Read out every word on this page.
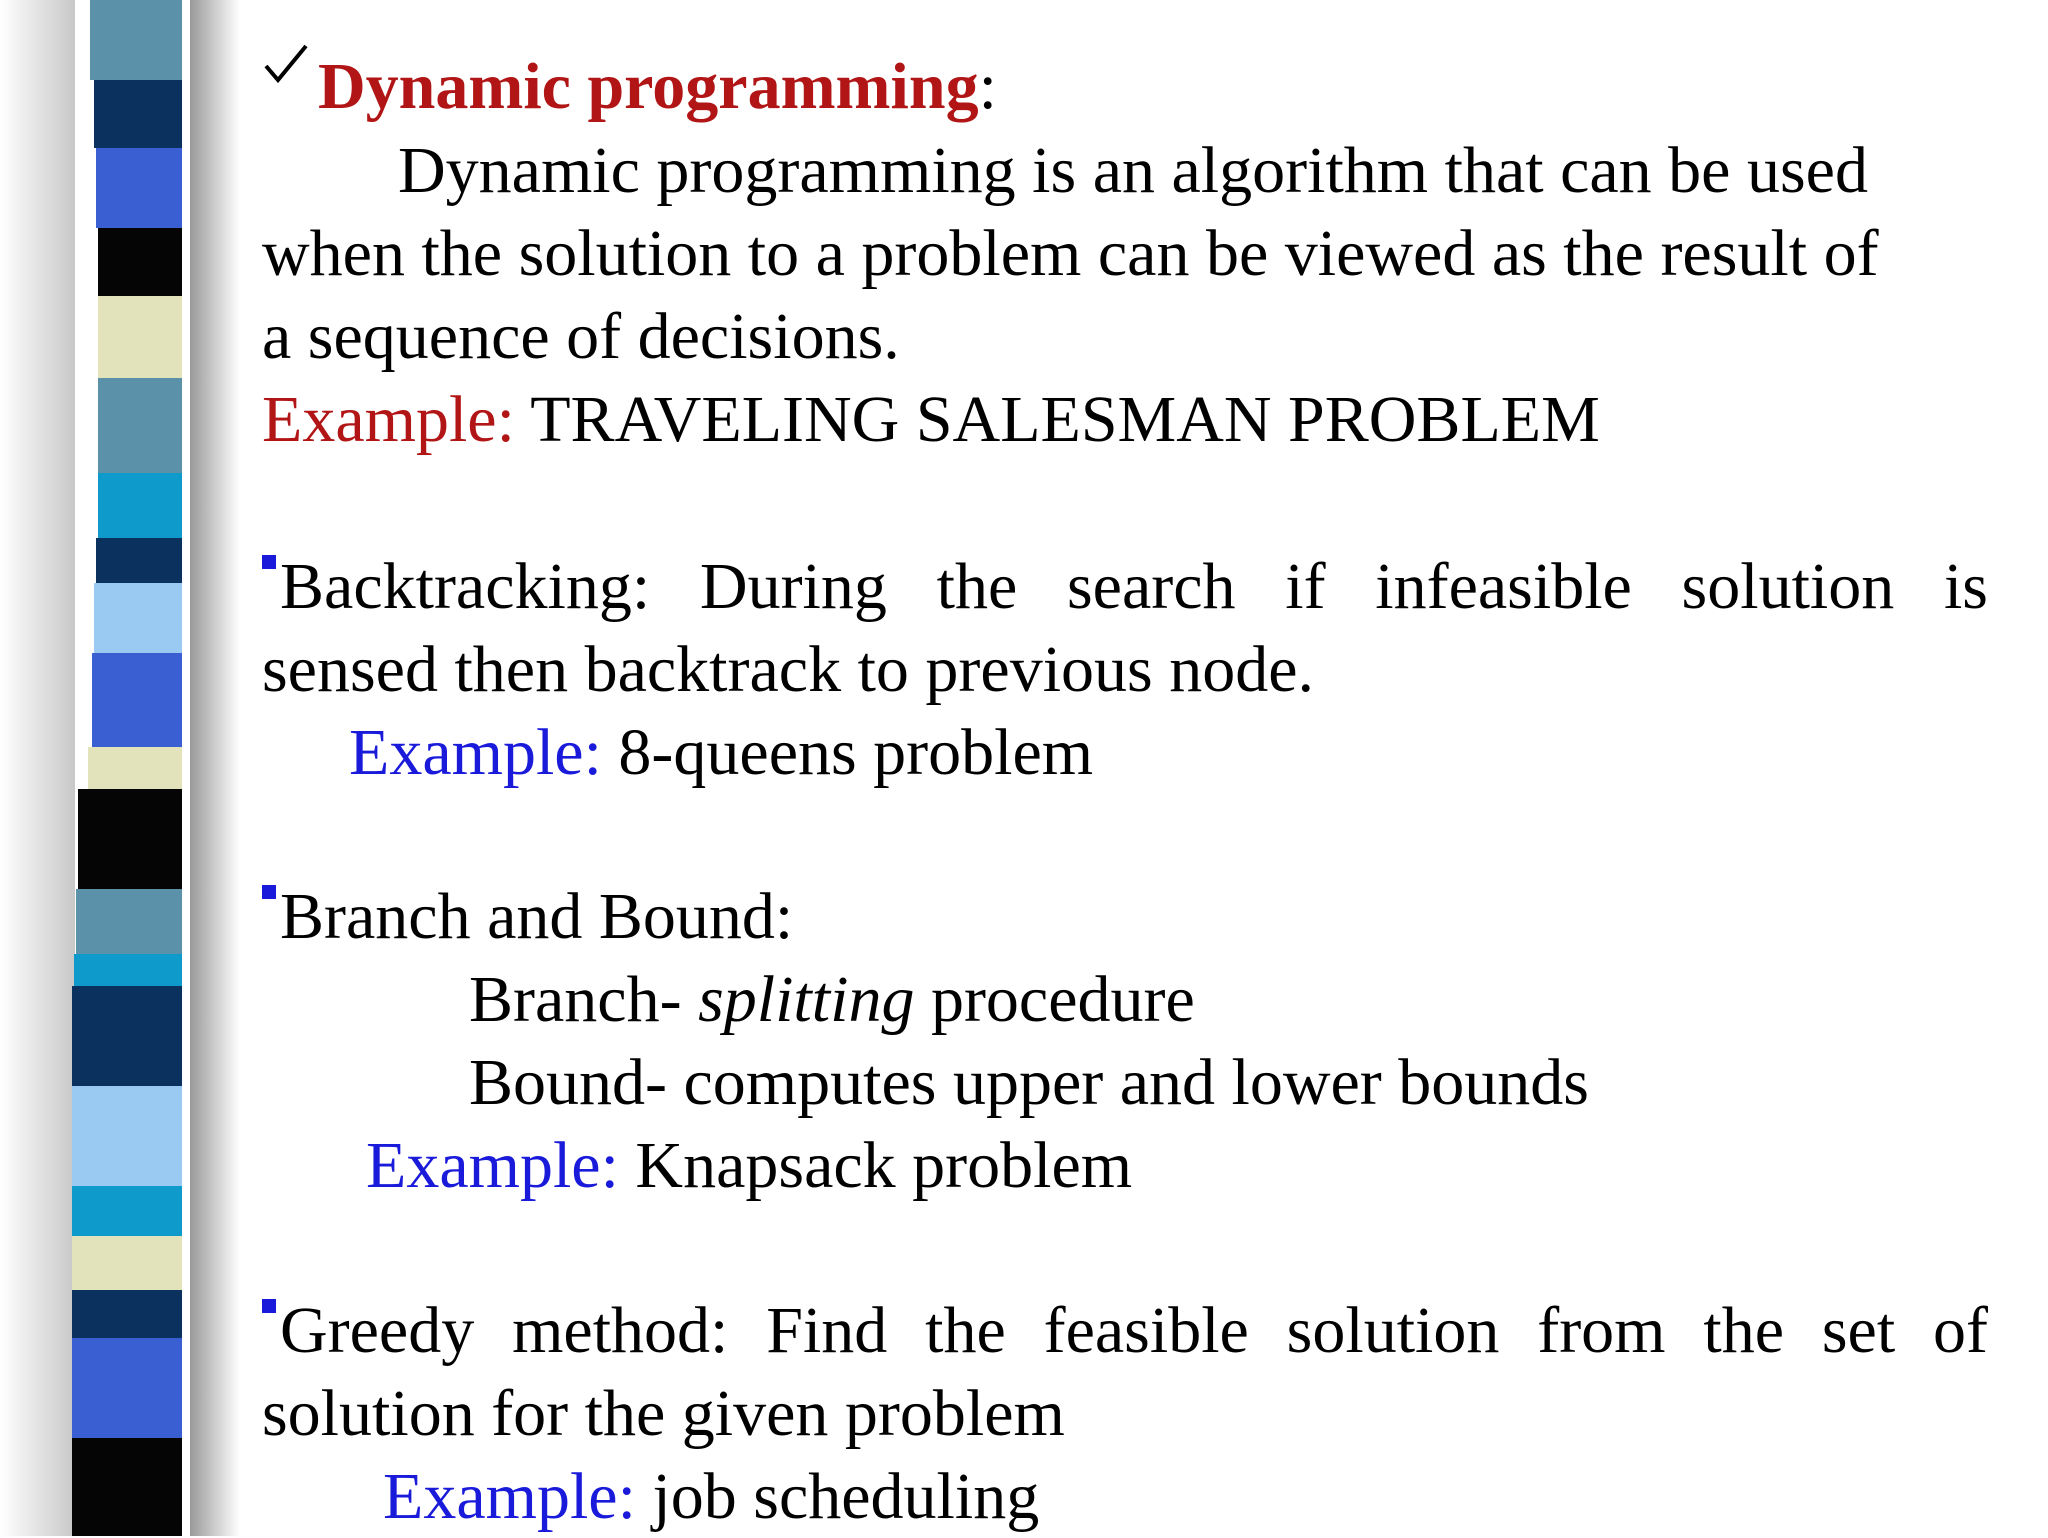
Dynamic programming:
Dynamic programming is an algorithm that can be used
when the solution to a problem can be viewed as the result of
a sequence of decisions.
Example: TRAVELING SALESMAN PROBLEM
Backtracking: During the search if infeasible solution is
sensed then backtrack to previous node.
Example: 8-queens problem
Branch and Bound:
Branch- splitting procedure
Bound- computes upper and lower bounds
Example: Knapsack problem
Greedy method: Find the feasible solution from the set of
solution for the given problem
Example: job scheduling
